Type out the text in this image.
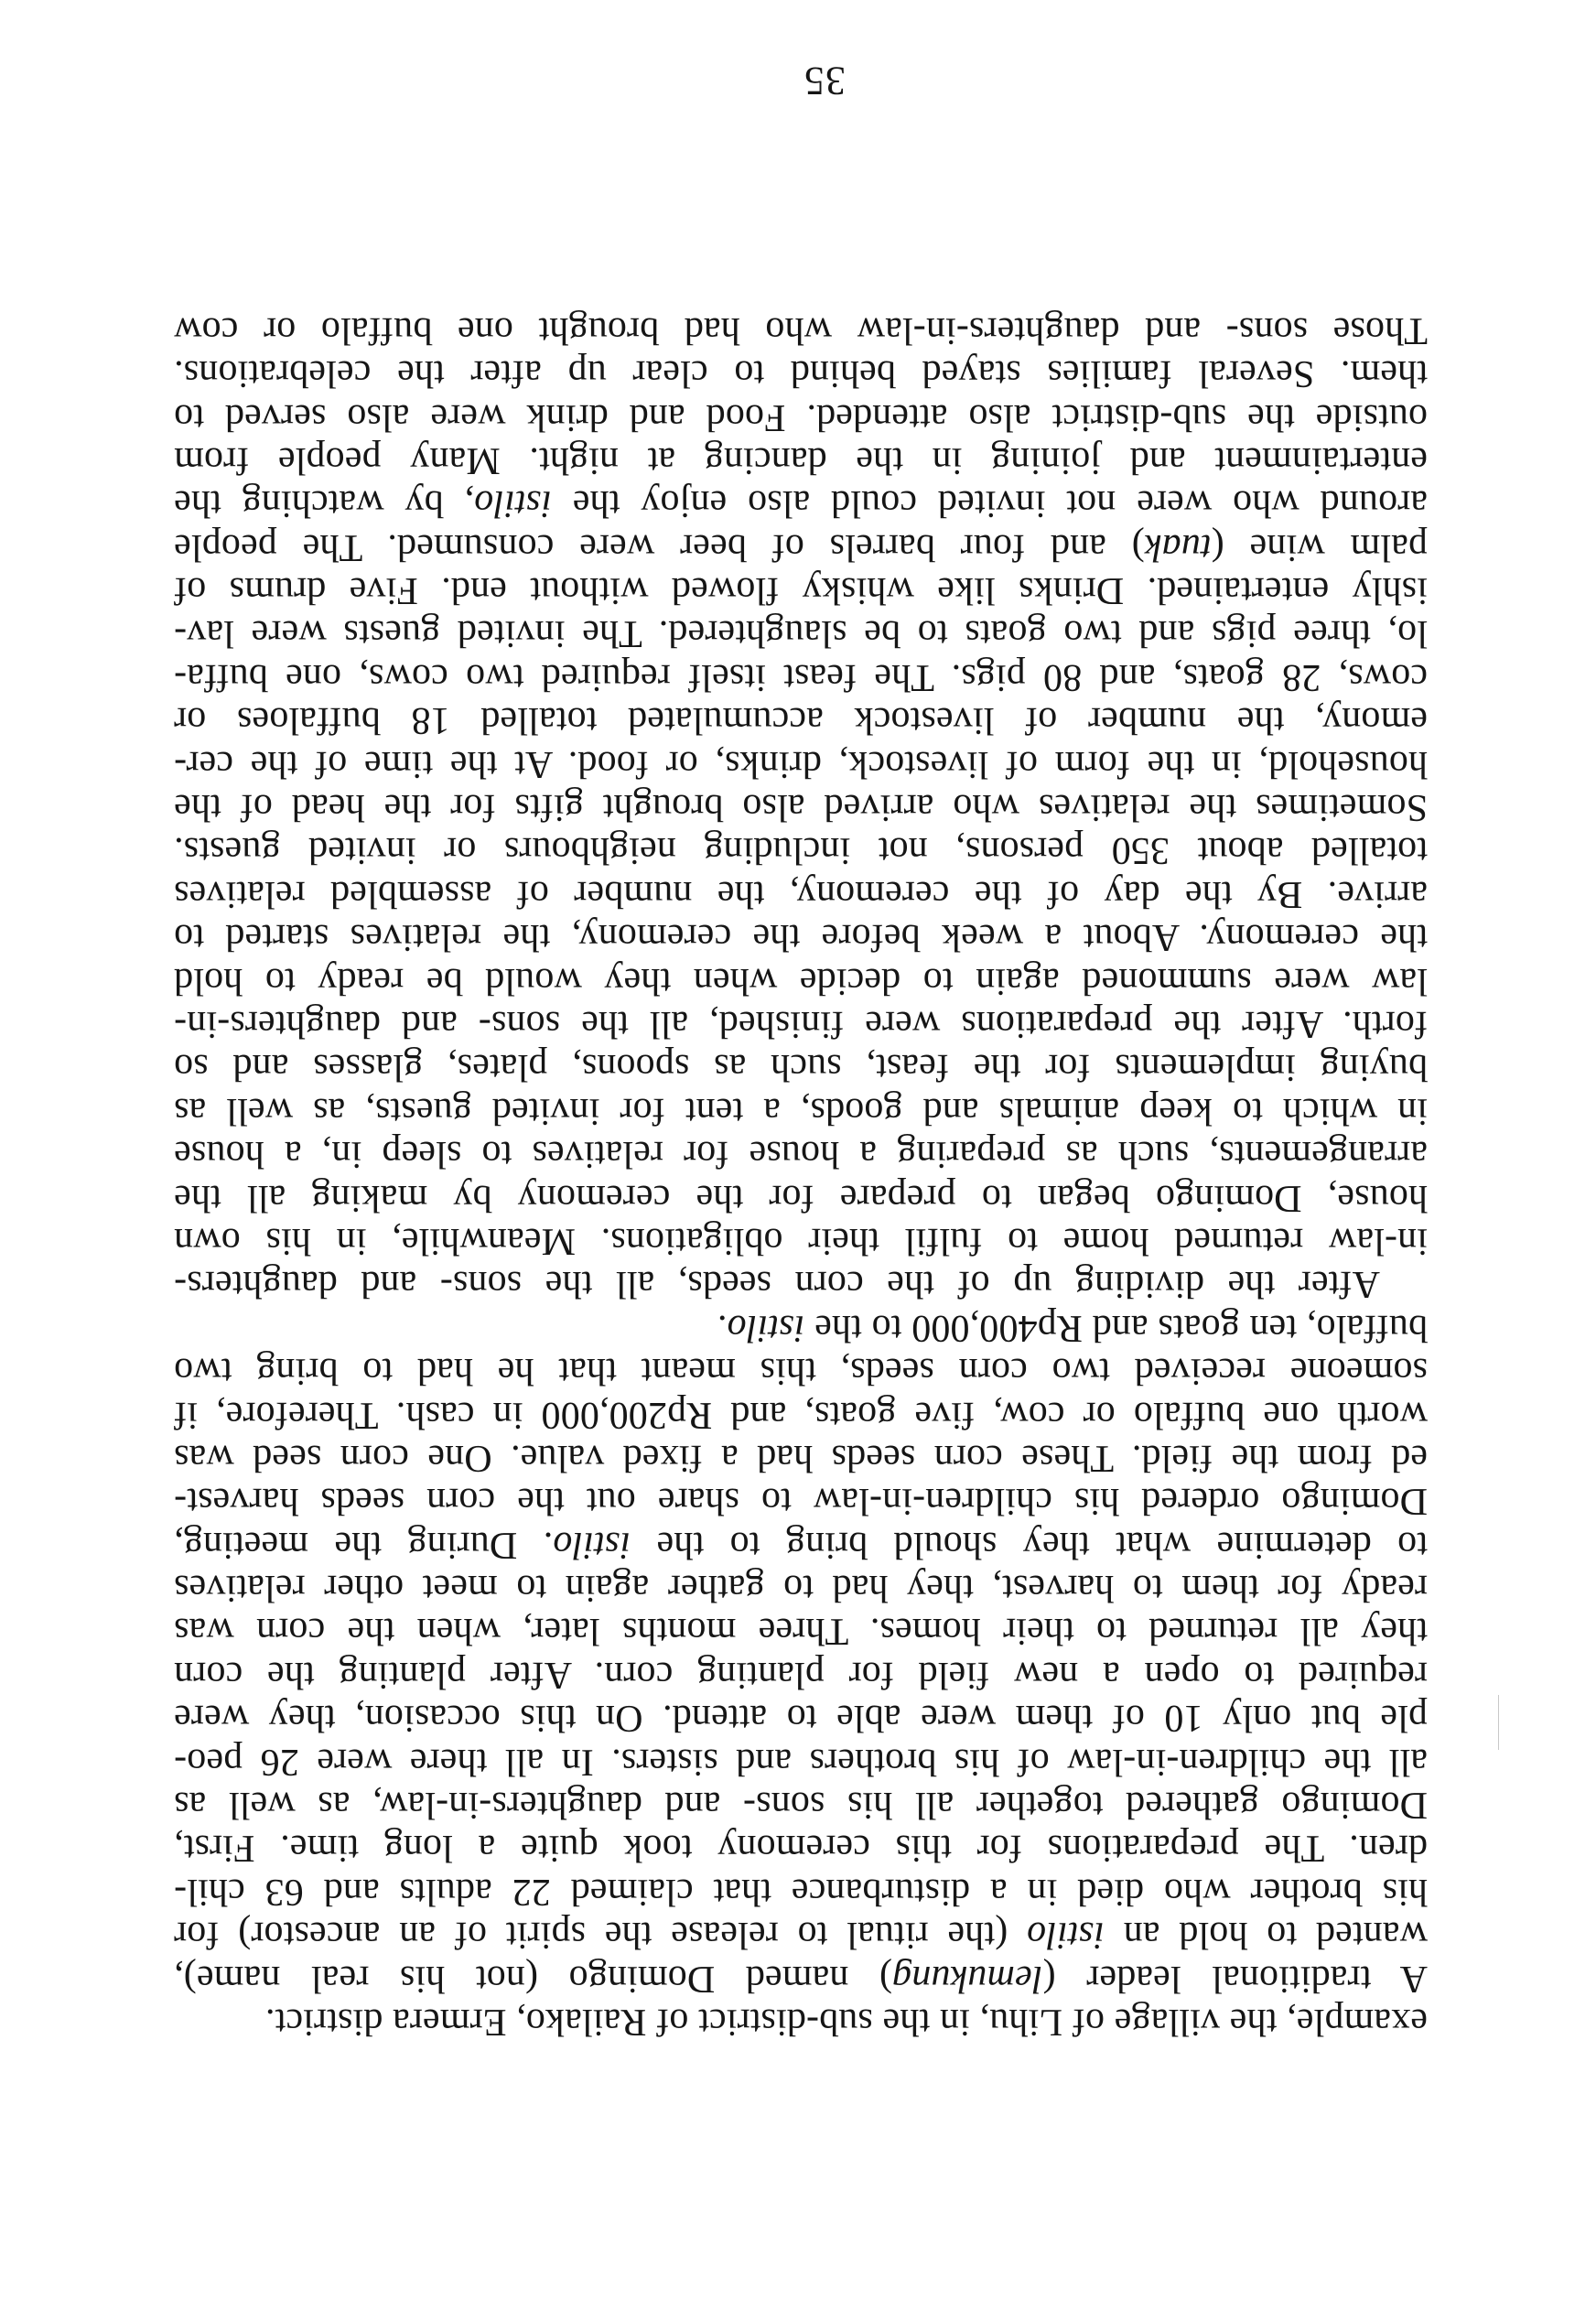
example, the village of Lihu, in the sub-district of Railako, Ermera district.
A traditional leader (lemukung) named Domingo (not his real name),
wanted to hold an istilo (the ritual to release the spirit of an ancestor) for
his brother who died in a disturbance that claimed 22 adults and 63 chil-
dren. The preparations for this ceremony took quite a long time. First,
Domingo gathered together all his sons- and daughters-in-law, as well as
all the children-in-law of his brothers and sisters. In all there were 26 peo-
ple but only 10 of them were able to attend. On this occasion, they were
required to open a new field for planting corn. After planting the corn
they all returned to their homes. Three months later, when the corn was
ready for them to harvest, they had to gather again to meet other relatives
to determine what they should bring to the istilo. During the meeting,
Domingo ordered his children-in-law to share out the corn seeds harvest-
ed from the field. These corn seeds had a fixed value. One corn seed was
worth one buffalo or cow, five goats, and Rp200,000 in cash. Therefore, if
someone received two corn seeds, this meant that he had to bring two
buffalo, ten goats and Rp400,000 to the istilo.
After the dividing up of the corn seeds, all the sons- and daughters-
in-law returned home to fulfil their obligations. Meanwhile, in his own
house, Domingo began to prepare for the ceremony by making all the
arrangements, such as preparing a house for relatives to sleep in, a house
in which to keep animals and goods, a tent for invited guests, as well as
buying implements for the feast, such as spoons, plates, glasses and so
forth. After the preparations were finished, all the sons- and daughters-in-
law were summoned again to decide when they would be ready to hold
the ceremony. About a week before the ceremony, the relatives started to
arrive. By the day of the ceremony, the number of assembled relatives
totalled about 350 persons, not including neighbours or invited guests.
Sometimes the relatives who arrived also brought gifts for the head of the
household, in the form of livestock, drinks, or food. At the time of the cer-
emony, the number of livestock accumulated totalled 18 buffaloes or
cows, 28 goats, and 80 pigs. The feast itself required two cows, one buffa-
lo, three pigs and two goats to be slaughtered. The invited guests were lav-
ishly entertained. Drinks like whisky flowed without end. Five drums of
palm wine (tuak) and four barrels of beer were consumed. The people
around who were not invited could also enjoy the istilo, by watching the
entertainment and joining in the dancing at night. Many people from
outside the sub-district also attended. Food and drink were also served to
them. Several families stayed behind to clear up after the celebrations.
Those sons- and daughters-in-law who had brought one buffalo or cow
35
